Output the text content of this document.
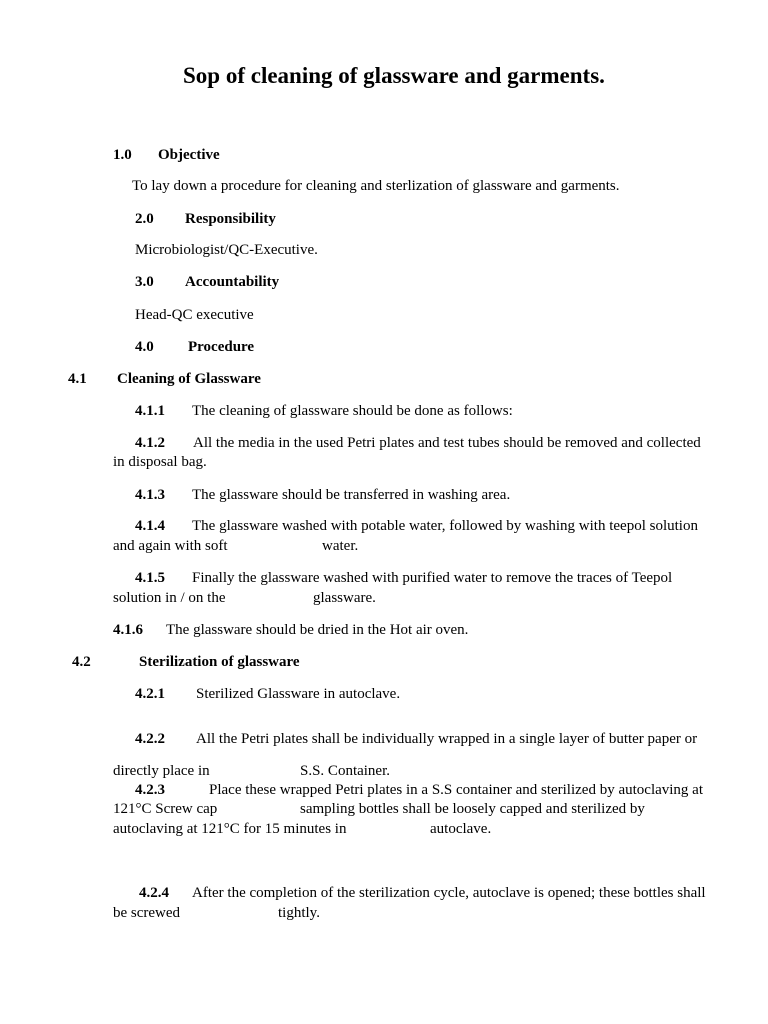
Sop of cleaning of glassware and garments.
1.0 Objective
To lay down a procedure for cleaning and sterlization of glassware and garments.
2.0 Responsibility
Microbiologist/QC-Executive.
3.0 Accountability
Head-QC executive
4.0 Procedure
4.1 Cleaning of Glassware
4.1.1 The cleaning of glassware should be done as follows:
4.1.2 All the media in the used Petri plates and test tubes should be removed and collected
in disposal bag.
4.1.3 The glassware should be transferred in washing area.
4.1.4 The glassware washed with potable water, followed by washing with teepol solution
and again with soft	water.
4.1.5 Finally the glassware washed with purified water to remove the traces of Teepol
solution in / on the	glassware.
4.1.6 The glassware should be dried in the Hot air oven.
4.2	Sterilization of glassware
4.2.1 Sterilized Glassware in autoclave.
4.2.2 All the Petri plates shall be individually wrapped in a single layer of butter paper or
directly place in	S.S. Container.
4.2.3	Place these wrapped Petri plates in a S.S container and sterilized by autoclaving at
121°C Screw cap	sampling bottles shall be loosely capped and sterilized by
autoclaving at 121°C for 15 minutes in	autoclave.
4.2.4 After the completion of the sterilization cycle, autoclave is opened; these bottles shall
be screwed	tightly.
